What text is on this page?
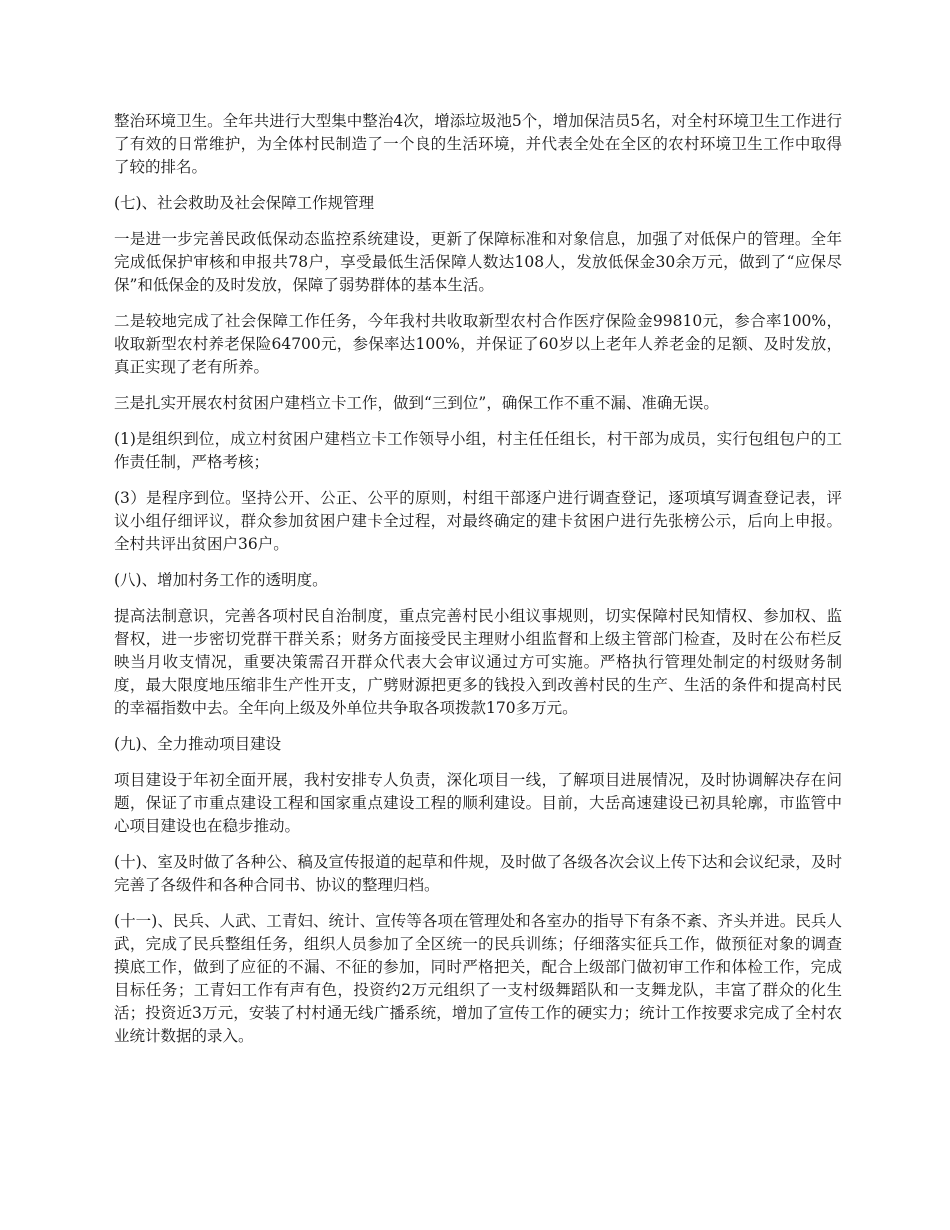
整治环境卫生。全年共进行大型集中整治4次，增添垃圾池5个，增加保洁员5名，对全村环境卫生工作进行了有效的日常维护，为全体村民制造了一个良的生活环境，并代表全处在全区的农村环境卫生工作中取得了较的排名。

(七)、社会救助及社会保障工作规管理

一是进一步完善民政低保动态监控系统建设，更新了保障标准和对象信息，加强了对低保户的管理。全年完成低保护审核和申报共78户，享受最低生活保障人数达108人，发放低保金30余万元，做到了“应保尽保”和低保金的及时发放，保障了弱势群体的基本生活。

二是较地完成了社会保障工作任务，今年我村共收取新型农村合作医疗保险金99810元，参合率100%，收取新型农村养老保险64700元，参保率达100%，并保证了60岁以上老年人养老金的足额、及时发放，真正实现了老有所养。

三是扎实开展农村贫困户建档立卡工作，做到“三到位”，确保工作不重不漏、准确无误。

(1)是组织到位，成立村贫困户建档立卡工作领导小组，村主任任组长，村干部为成员，实行包组包户的工作责任制，严格考核；

(3）是程序到位。坚持公开、公正、公平的原则，村组干部逐户进行调查登记，逐项填写调查登记表，评议小组仔细评议，群众参加贫困户建卡全过程，对最终确定的建卡贫困户进行先张榜公示，后向上申报。全村共评出贫困户36户。

(八)、增加村务工作的透明度。

提高法制意识，完善各项村民自治制度，重点完善村民小组议事规则，切实保障村民知情权、参加权、监督权，进一步密切党群干群关系；财务方面接受民主理财小组监督和上级主管部门检查，及时在公布栏反映当月收支情况，重要决策需召开群众代表大会审议通过方可实施。严格执行管理处制定的村级财务制度，最大限度地压缩非生产性开支，广劈财源把更多的钱投入到改善村民的生产、生活的条件和提高村民的幸福指数中去。全年向上级及外单位共争取各项拨款170多万元。

(九)、全力推动项目建设

项目建设于年初全面开展，我村安排专人负责，深化项目一线，了解项目进展情况，及时协调解决存在问题，保证了市重点建设工程和国家重点建设工程的顺利建设。目前，大岳高速建设已初具轮廓，市监管中心项目建设也在稳步推动。

(十)、室及时做了各种公、稿及宣传报道的起草和件规，及时做了各级各次会议上传下达和会议纪录，及时完善了各级件和各种合同书、协议的整理归档。

(十一)、民兵、人武、工青妇、统计、宣传等各项在管理处和各室办的指导下有条不紊、齐头并进。民兵人武，完成了民兵整组任务，组织人员参加了全区统一的民兵训练；仔细落实征兵工作，做预征对象的调查摸底工作，做到了应征的不漏、不征的参加，同时严格把关，配合上级部门做初审工作和体检工作，完成目标任务；工青妇工作有声有色，投资约2万元组织了一支村级舞蹈队和一支舞龙队，丰富了群众的化生活；投资近3万元，安装了村村通无线广播系统，增加了宣传工作的硬实力；统计工作按要求完成了全村农业统计数据的录入。
